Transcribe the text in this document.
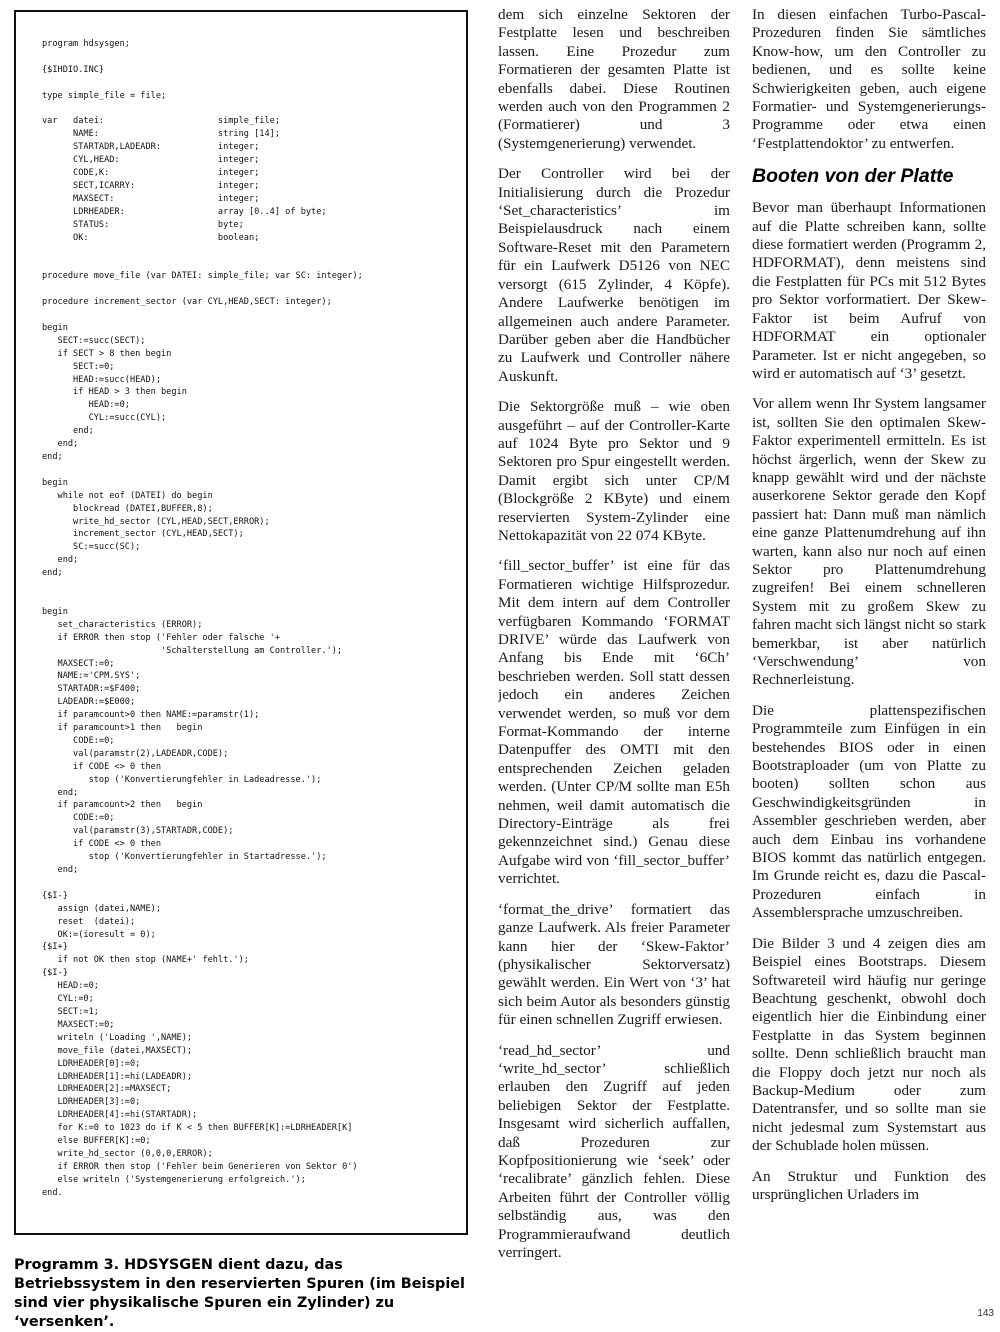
program hdsysgen;

{$IHDIO.INC}

type simple_file = file;

var   datei:                      simple_file;
NAME:                       string [14];
STARTADR,LADEADR:           integer;
CYL,HEAD:                   integer;
CODE,K:                     integer;
SECT,ICARRY:                integer;
MAXSECT:                    integer;
LDRHEADER:                  array [0..4] of byte;
STATUS:                     byte;
OK:                         boolean;

procedure move_file (var DATEI: simple_file; var SC: integer);

procedure increment_sector (var CYL,HEAD,SECT: integer);

begin
SECT:=succ(SECT);
if SECT > 8 then begin
SECT:=0;
HEAD:=succ(HEAD);
if HEAD > 3 then begin
HEAD:=0;
CYL:=succ(CYL);
end;
end;
end;

begin
while not eof (DATEI) do begin
blockread (DATEI,BUFFER,8);
write_hd_sector (CYL,HEAD,SECT,ERROR);
increment_sector (CYL,HEAD,SECT);
SC:=succ(SC);
end;
end;

begin
set_characteristics (ERROR);
if ERROR then stop ('Fehler oder falsche '+
'Schalterstellung am Controller.');
MAXSECT:=0;
NAME:='CPM.SYS';
STARTADR:=$F400;
LADEADR:=$E000;
if paramcount>0 then NAME:=paramstr(1);
if paramcount>1 then   begin
CODE:=0;
val(paramstr(2),LADEADR,CODE);
if CODE <> 0 then
stop ('Konvertierungfehler in Ladeadresse.');
end;
if paramcount>2 then   begin
CODE:=0;
val(paramstr(3),STARTADR,CODE);
if CODE <> 0 then
stop ('Konvertierungfehler in Startadresse.');
end;

{$I-}
assign (datei,NAME);
reset  (datei);
OK:=(ioresult = 0);
{$I+}
if not OK then stop (NAME+' fehlt.');
{$I-}
HEAD:=0;
CYL:=0;
SECT:=1;
MAXSECT:=0;
writeln ('Loading ',NAME);
move_file (datei,MAXSECT);
LDRHEADER[0]:=0;
LDRHEADER[1]:=hi(LADEADR);
LDRHEADER[2]:=MAXSECT;
LDRHEADER[3]:=0;
LDRHEADER[4]:=hi(STARTADR);
for K:=0 to 1023 do if K < 5 then BUFFER[K]:=LDRHEADER[K]
else BUFFER[K]:=0;
write_hd_sector (0,0,0,ERROR);
if ERROR then stop ('Fehler beim Generieren von Sektor 0')
else writeln ('Systemgenerierung erfolgreich.');
end.
Programm 3. HDSYSGEN dient dazu, das Betriebssystem in den reservierten Spuren (im Beispiel sind vier physikalische Spuren ein Zylinder) zu ‘versenken’.

dem sich einzelne Sektoren der Festplatte lesen und beschreiben lassen. Eine Prozedur zum Formatieren der gesamten Platte ist ebenfalls dabei. Diese Routinen werden auch von den Programmen 2 (Formatierer) und 3 (Systemgenerierung) verwendet.

Der Controller wird bei der Initialisierung durch die Prozedur ‘Set_characteristics’ im Beispielausdruck nach einem Software-Reset mit den Parametern für ein Laufwerk D5126 von NEC versorgt (615 Zylinder, 4 Köpfe). Andere Laufwerke benötigen im allgemeinen auch andere Parameter. Darüber geben aber die Handbücher zu Laufwerk und Controller nähere Auskunft.

Die Sektorgröße muß – wie oben ausgeführt – auf der Controller-Karte auf 1024 Byte pro Sektor und 9 Sektoren pro Spur eingestellt werden. Damit ergibt sich unter CP/M (Blockgröße 2 KByte) und einem reservierten System-Zylinder eine Nettokapazität von 22 074 KByte.

‘fill_sector_buffer’ ist eine für das Formatieren wichtige Hilfsprozedur. Mit dem intern auf dem Controller verfügbaren Kommando ‘FORMAT DRIVE’ würde das Laufwerk von Anfang bis Ende mit ‘6Ch’ beschrieben werden. Soll statt dessen jedoch ein anderes Zeichen verwendet werden, so muß vor dem Format-Kommando der interne Datenpuffer des OMTI mit den entsprechenden Zeichen geladen werden. (Unter CP/M sollte man E5h nehmen, weil damit automatisch die Directory-Einträge als frei gekennzeichnet sind.) Genau diese Aufgabe wird von ‘fill_sector_buffer’ verrichtet.

‘format_the_drive’ formatiert das ganze Laufwerk. Als freier Parameter kann hier der ‘Skew-Faktor’ (physikalischer Sektorversatz) gewählt werden. Ein Wert von ‘3’ hat sich beim Autor als besonders günstig für einen schnellen Zugriff erwiesen.

‘read_hd_sector’ und ‘write_hd_sector’ schließlich erlauben den Zugriff auf jeden beliebigen Sektor der Festplatte. Insgesamt wird sicherlich auffallen, daß Prozeduren zur Kopfpositionierung wie ‘seek’ oder ‘recalibrate’ gänzlich fehlen. Diese Arbeiten führt der Controller völlig selbständig aus, was den Programmieraufwand deutlich verringert.

In diesen einfachen Turbo-Pascal-Prozeduren finden Sie sämtliches Know-how, um den Controller zu bedienen, und es sollte keine Schwierigkeiten geben, auch eigene Formatier- und Systemgenerierungs-Programme oder etwa einen ‘Festplattendoktor’ zu entwerfen.

Booten von der Platte

Bevor man überhaupt Informationen auf die Platte schreiben kann, sollte diese formatiert werden (Programm 2, HDFORMAT), denn meistens sind die Festplatten für PCs mit 512 Bytes pro Sektor vorformatiert. Der Skew-Faktor ist beim Aufruf von HDFORMAT ein optionaler Parameter. Ist er nicht angegeben, so wird er automatisch auf ‘3’ gesetzt.

Vor allem wenn Ihr System langsamer ist, sollten Sie den optimalen Skew-Faktor experimentell ermitteln. Es ist höchst ärgerlich, wenn der Skew zu knapp gewählt wird und der nächste auserkorene Sektor gerade den Kopf passiert hat: Dann muß man nämlich eine ganze Plattenumdrehung auf ihn warten, kann also nur noch auf einen Sektor pro Plattenumdrehung zugreifen! Bei einem schnelleren System mit zu großem Skew zu fahren macht sich längst nicht so stark bemerkbar, ist aber natürlich ‘Verschwendung’ von Rechnerleistung.

Die plattenspezifischen Programmteile zum Einfügen in ein bestehendes BIOS oder in einen Bootstraploader (um von Platte zu booten) sollten schon aus Geschwindigkeitsgründen in Assembler geschrieben werden, aber auch dem Einbau ins vorhandene BIOS kommt das natürlich entgegen. Im Grunde reicht es, dazu die Pascal-Prozeduren einfach in Assemblersprache umzuschreiben.

Die Bilder 3 und 4 zeigen dies am Beispiel eines Bootstraps. Diesem Softwareteil wird häufig nur geringe Beachtung geschenkt, obwohl doch eigentlich hier die Einbindung einer Festplatte in das System beginnen sollte. Denn schließlich braucht man die Floppy doch jetzt nur noch als Backup-Medium oder zum Datentransfer, und so sollte man sie nicht jedesmal zum Systemstart aus der Schublade holen müssen.

An Struktur und Funktion des ursprünglichen Urladers im

143
